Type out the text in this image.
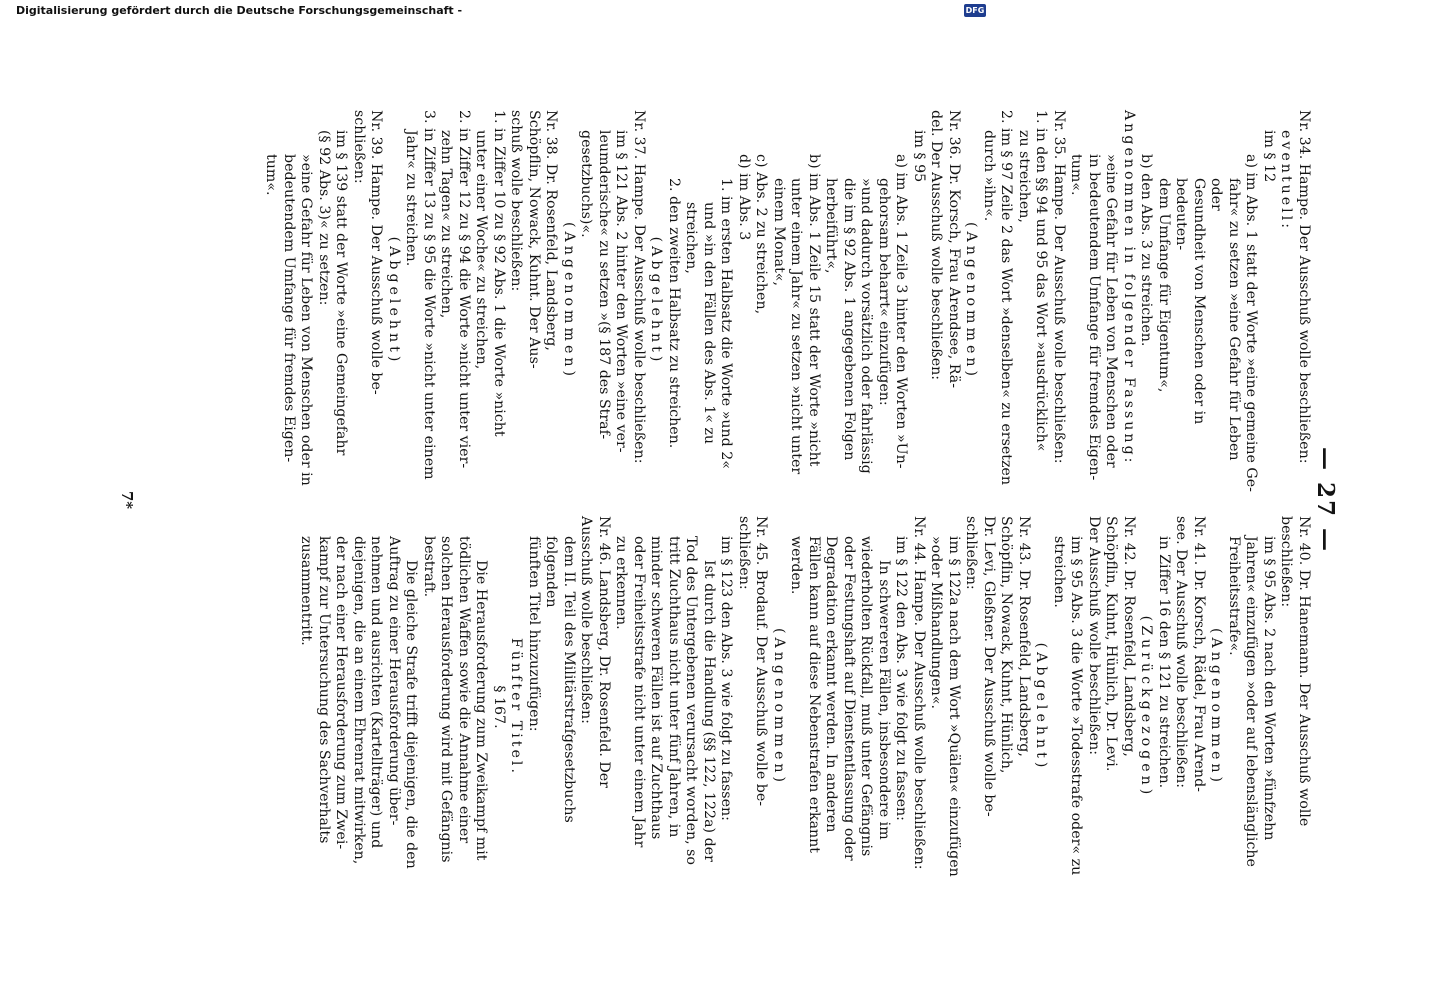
— 27 —
Nr. 34. Hampe. Der Ausschuß wolle beschließen:
eventuell:
im § 12
a) im Abs. 1 statt der Worte »eine gemeine Ge-
fahr« zu setzen »eine Gefahr für Leben oder
Gesundheit von Menschen oder in bedeuten-
dem Umfange für Eigentum«,
b) den Abs. 3 zu streichen.
Angenommen in folgender Fassung:
»eine Gefahr für Leben von Menschen oder
in bedeutendem Umfange für fremdes Eigen-
tum«.
Nr. 35. Hampe. Der Ausschuß wolle beschließen:
1. in den §§ 94 und 95 das Wort »ausdrücklich«
zu streichen,
2. im § 97 Zeile 2 das Wort »denselben« zu ersetzen
durch »ihn«.
(Angenommen)
Nr. 36. Dr. Korsch, Frau Arendsee, Rä-
del. Der Ausschuß wolle beschließen:
im § 95
a) im Abs. 1 Zeile 3 hinter den Worten »Un-
gehorsam beharrt« einzufügen:
»und dadurch vorsätzlich oder fahrlässig
die im § 92 Abs. 1 angegebenen Folgen
herbeiführt«,
b) im Abs. 1 Zeile 15 statt der Worte »nicht
unter einem Jahr« zu setzen »nicht unter
einem Monat«,
c) Abs. 2 zu streichen,
d) im Abs. 3
1. im ersten Halbsatz die Worte »und 2«
und »in den Fällen des Abs. 1« zu
streichen,
2. den zweiten Halbsatz zu streichen.
(Abgelehnt)
Nr. 37. Hampe. Der Ausschuß wolle beschließen:
im § 121 Abs. 2 hinter den Worten »eine ver-
leumderische« zu setzen »(§ 187 des Straf-
gesetzbuchs)«.
(Angenommen)
Nr. 38. Dr. Rosenfeld, Landsberg,
Schöpflin, Nowack, Kuhnt. Der Aus-
schuß wolle beschließen:
1. in Ziffer 10 zu § 92 Abs. 1 die Worte »nicht
unter einer Woche« zu streichen,
2. in Ziffer 12 zu § 94 die Worte »nicht unter vier-
zehn Tagen« zu streichen,
3. in Ziffer 13 zu § 95 die Worte »nicht unter einem
Jahr« zu streichen.
(Abgelehnt)
Nr. 39. Hampe. Der Ausschuß wolle be-
schließen:
im § 139 statt der Worte »eine Gemeingefahr
(§ 92 Abs. 3)« zu setzen:
»eine Gefahr für Leben von Menschen oder in
bedeutendem Umfange für fremdes Eigen-
tum«.
Nr. 40. Dr. Hanemann. Der Ausschuß wolle
beschließen:
im § 95 Abs. 2 nach den Worten »fünfzehn
Jahren« einzufügen »oder auf lebenslängliche
Freiheitsstrafe«.
(Angenommen)
Nr. 41. Dr. Korsch, Rädel, Frau Arend-
see. Der Ausschuß wolle beschließen:
in Ziffer 16 den § 121 zu streichen.
(Zurückgezogen)
Nr. 42. Dr. Rosenfeld, Landsberg,
Schöpflin, Kuhnt, Hünlich, Dr. Levi.
Der Ausschuß wolle beschließen:
im § 95 Abs. 3 die Worte »Todesstrafe oder« zu
streichen.
(Abgelehnt)
Nr. 43. Dr. Rosenfeld, Landsberg,
Schöpflin, Nowack, Kuhnt, Hünlich,
Dr. Levi, Gleßner. Der Ausschuß wolle be-
schließen:
im § 122a nach dem Wort »Quälen« einzufügen
»oder Mißhandlungen«.
Nr. 44. Hampe. Der Ausschuß wolle beschließen:
im § 122 den Abs. 3 wie folgt zu fassen:
In schwereren Fällen, insbesondere im
wiederholten Rückfall, muß unter Gefängnis
oder Festungshaft auf Dienstentlassung oder
Degradation erkannt werden. In anderen
Fällen kann auf diese Nebenstrafen erkannt
werden.
(Angenommen)
Nr. 45. Brodauf. Der Ausschuß wolle be-
schließen:
im § 123 den Abs. 3 wie folgt zu fassen:
Ist durch die Handlung (§§ 122, 122a) der
Tod des Untergebenen verursacht worden, so
tritt Zuchthaus nicht unter fünf Jahren, in
minder schweren Fällen ist auf Zuchthaus
oder Freiheitsstrafe nicht unter einem Jahr
zu erkennen.
Nr. 46. Landsberg, Dr. Rosenfeld. Der
Ausschuß wolle beschließen:
dem II. Teil des Militärstrafgesetzbuchs folgenden
fünften Titel hinzuzufügen:
Fünfter Titel.
§ 167.
Die Herausforderung zum Zweikampf mit
tödlichen Waffen sowie die Annahme einer
solchen Herausforderung wird mit Gefängnis
bestraft.
Die gleiche Strafe trifft diejenigen, die den
Auftrag zu einer Herausforderung über-
nehmen und ausrichten (Kartellträger) und
diejenigen, die an einem Ehrenrat mitwirken,
der nach einer Herausforderung zum Zwei-
kampf zur Untersuchung des Sachverhalts
zusammentritt.
7*
Digitalisierung gefördert durch die Deutsche Forschungsgemeinschaft -	DFG
